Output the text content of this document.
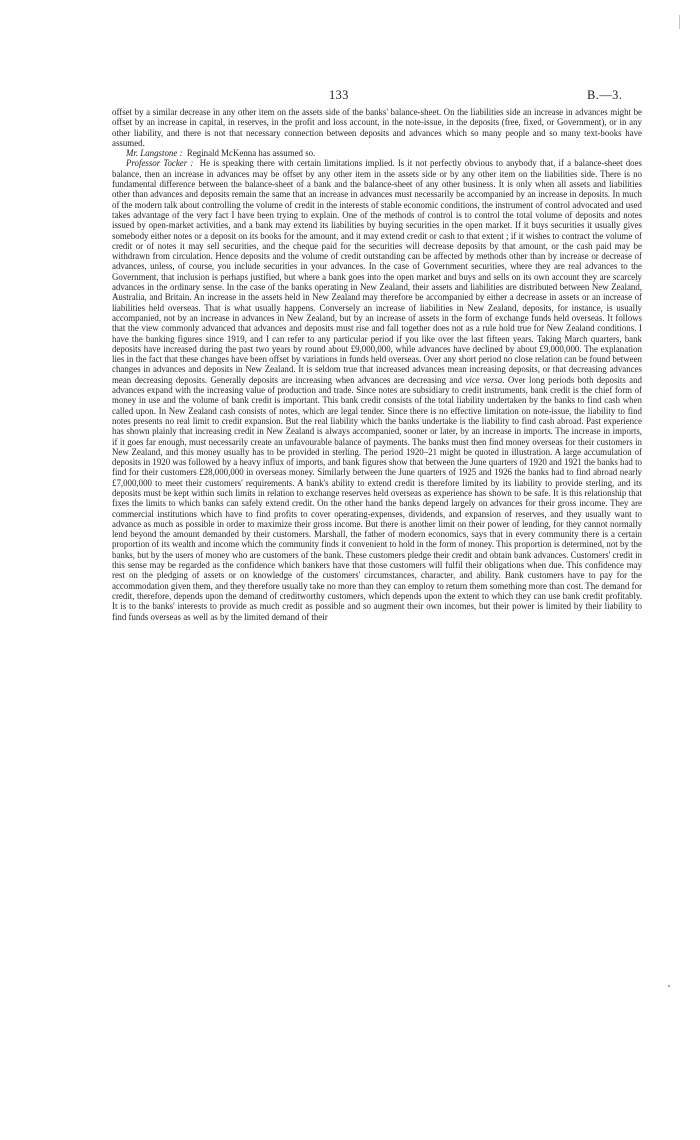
133	B.—3.

offset by a similar decrease in any other item on the assets side of the banks' balance-sheet. On the liabilities side an increase in advances might be offset by an increase in capital, in reserves, in the profit and loss account, in the note-issue, in the deposits (free, fixed, or Government), or in any other liability, and there is not that necessary connection between deposits and advances which so many people and so many text-books have assumed.

Mr. Langstone : Reginald McKenna has assumed so.

Professor Tocker : He is speaking there with certain limitations implied. Is it not perfectly obvious to anybody that, if a balance-sheet does balance, then an increase in advances may be offset by any other item in the assets side or by any other item on the liabilities side. There is no fundamental difference between the balance-sheet of a bank and the balance-sheet of any other business. It is only when all assets and liabilities other than advances and deposits remain the same that an increase in advances must necessarily be accompanied by an increase in deposits. In much of the modern talk about controlling the volume of credit in the interests of stable economic conditions, the instrument of control advocated and used takes advantage of the very fact I have been trying to explain. One of the methods of control is to control the total volume of deposits and notes issued by open-market activities, and a bank may extend its liabilities by buying securities in the open market. If it buys securities it usually gives somebody either notes or a deposit on its books for the amount, and it may extend credit or cash to that extent ; if it wishes to contract the volume of credit or of notes it may sell securities, and the cheque paid for the securities will decrease deposits by that amount, or the cash paid may be withdrawn from circulation. Hence deposits and the volume of credit outstanding can be affected by methods other than by increase or decrease of advances, unless, of course, you include securities in your advances. In the case of Government securities, where they are real advances to the Government, that inclusion is perhaps justified, but where a bank goes into the open market and buys and sells on its own account they are scarcely advances in the ordinary sense. In the case of the banks operating in New Zealand, their assets and liabilities are distributed between New Zealand, Australia, and Britain. An increase in the assets held in New Zealand may therefore be accompanied by either a decrease in assets or an increase of liabilities held overseas. That is what usually happens. Conversely an increase of liabilities in New Zealand, deposits, for instance, is usually accompanied, not by an increase in advances in New Zealand, but by an increase of assets in the form of exchange funds held overseas. It follows that the view commonly advanced that advances and deposits must rise and fall together does not as a rule hold true for New Zealand conditions. I have the banking figures since 1919, and I can refer to any particular period if you like over the last fifteen years. Taking March quarters, bank deposits have increased during the past two years by round about £9,000,000, while advances have declined by about £9,000,000. The explanation lies in the fact that these changes have been offset by variations in funds held overseas. Over any short period no close relation can be found between changes in advances and deposits in New Zealand. It is seldom true that increased advances mean increasing deposits, or that decreasing advances mean decreasing deposits. Generally deposits are increasing when advances are decreasing and vice versa. Over long periods both deposits and advances expand with the increasing value of production and trade. Since notes are subsidiary to credit instruments, bank credit is the chief form of money in use and the volume of bank credit is important. This bank credit consists of the total liability undertaken by the banks to find cash when called upon. In New Zealand cash consists of notes, which are legal tender. Since there is no effective limitation on note-issue, the liability to find notes presents no real limit to credit expansion. But the real liability which the banks undertake is the liability to find cash abroad. Past experience has shown plainly that increasing credit in New Zealand is always accompanied, sooner or later, by an increase in imports. The increase in imports, if it goes far enough, must necessarily create an unfavourable balance of payments. The banks must then find money overseas for their customers in New Zealand, and this money usually has to be provided in sterling. The period 1920–21 might be quoted in illustration. A large accumulation of deposits in 1920 was followed by a heavy influx of imports, and bank figures show that between the June quarters of 1920 and 1921 the banks had to find for their customers £28,000,000 in overseas money. Similarly between the June quarters of 1925 and 1926 the banks had to find abroad nearly £7,000,000 to meet their customers' requirements. A bank's ability to extend credit is therefore limited by its liability to provide sterling, and its deposits must be kept within such limits in relation to exchange reserves held overseas as experience has shown to be safe. It is this relationship that fixes the limits to which banks can safely extend credit. On the other hand the banks depend largely on advances for their gross income. They are commercial institutions which have to find profits to cover operating-expenses, dividends, and expansion of reserves, and they usually want to advance as much as possible in order to maximize their gross income. But there is another limit on their power of lending, for they cannot normally lend beyond the amount demanded by their customers. Marshall, the father of modern economics, says that in every community there is a certain proportion of its wealth and income which the community finds it convenient to hold in the form of money. This proportion is determined, not by the banks, but by the users of money who are customers of the bank. These customers pledge their credit and obtain bank advances. Customers' credit in this sense may be regarded as the confidence which bankers have that those customers will fulfil their obligations when due. This confidence may rest on the pledging of assets or on knowledge of the customers' circumstances, character, and ability. Bank customers have to pay for the accommodation given them, and they therefore usually take no more than they can employ to return them something more than cost. The demand for credit, therefore, depends upon the demand of creditworthy customers, which depends upon the extent to which they can use bank credit profitably. It is to the banks' interests to provide as much credit as possible and so augment their own incomes, but their power is limited by their liability to find funds overseas as well as by the limited demand of their
